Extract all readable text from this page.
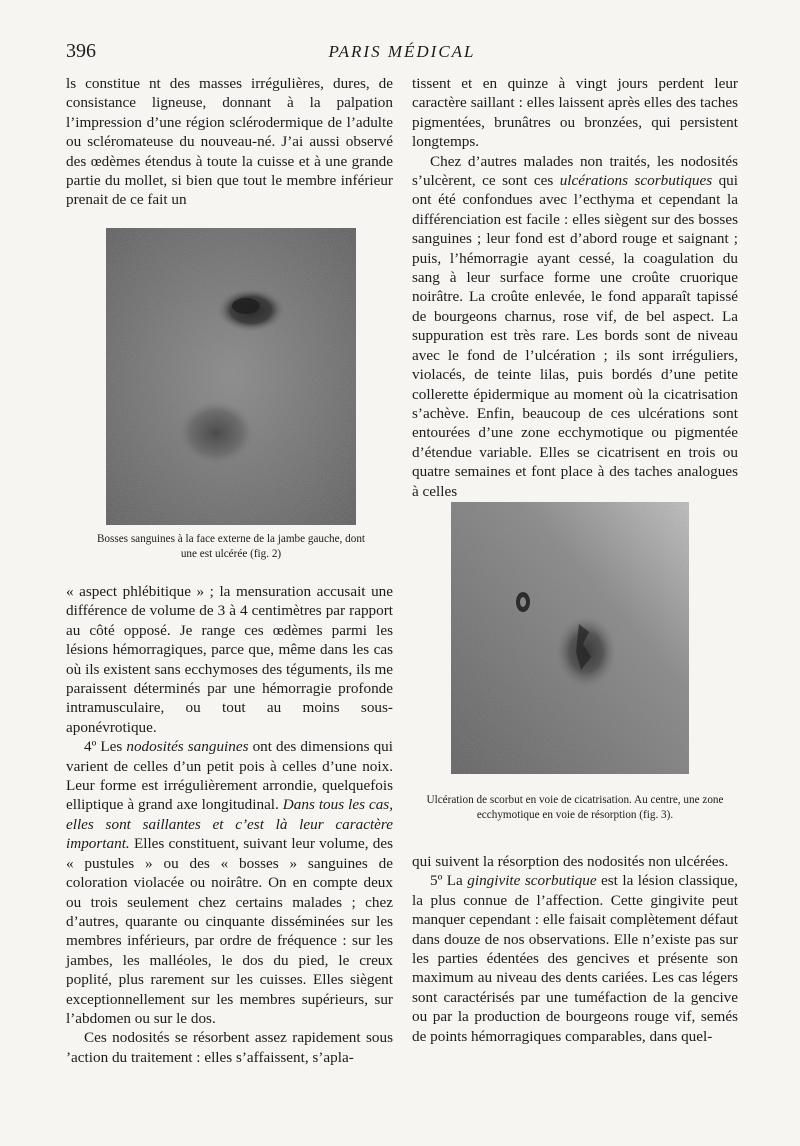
396	PARIS MÉDICAL

ls constitue nt des masses irrégulières, dures, de consistance ligneuse, donnant à la palpation l’impression d’une région sclérodermique de l’adulte ou scléromateuse du nouveau-né. J’ai aussi observé des œdèmes étendus à toute la cuisse et à une grande partie du mollet, si bien que tout le membre inférieur prenait de ce fait un

Bosses sanguines à la face externe de la jambe gauche, dont une est ulcérée (fig. 2)

« aspect phlébitique » ; la mensuration accusait une différence de volume de 3 à 4 centimètres par rapport au côté opposé. Je range ces œdèmes parmi les lésions hémorragiques, parce que, même dans les cas où ils existent sans ecchymoses des téguments, ils me paraissent déterminés par une hémorragie profonde intramusculaire, ou tout au moins sous-aponévrotique.

4º Les nodosités sanguines ont des dimensions qui varient de celles d’un petit pois à celles d’une noix. Leur forme est irrégulièrement arrondie, quelquefois elliptique à grand axe longitudinal. Dans tous les cas, elles sont saillantes et c’est là leur caractère important. Elles constituent, suivant leur volume, des « pustules » ou des « bosses » sanguines de coloration violacée ou noirâtre. On en compte deux ou trois seulement chez certains malades ; chez d’autres, quarante ou cinquante disséminées sur les membres inférieurs, par ordre de fréquence : sur les jambes, les malléoles, le dos du pied, le creux poplité, plus rarement sur les cuisses. Elles siègent exceptionnellement sur les membres supérieurs, sur l’abdomen ou sur le dos.

Ces nodosités se résorbent assez rapidement sous ’action du traitement : elles s’affaissent, s’apla-

tissent et en quinze à vingt jours perdent leur caractère saillant : elles laissent après elles des taches pigmentées, brunâtres ou bronzées, qui persistent longtemps.

Chez d’autres malades non traités, les nodosités s’ulcèrent, ce sont ces ulcérations scorbutiques qui ont été confondues avec l’ecthyma et cependant la différenciation est facile : elles siègent sur des bosses sanguines ; leur fond est d’abord rouge et saignant ; puis, l’hémorragie ayant cessé, la coagulation du sang à leur surface forme une croûte cruorique noirâtre. La croûte enlevée, le fond apparaît tapissé de bourgeons charnus, rose vif, de bel aspect. La suppuration est très rare. Les bords sont de niveau avec le fond de l’ulcération ; ils sont irréguliers, violacés, de teinte lilas, puis bordés d’une petite collerette épidermique au moment où la cicatrisation s’achève. Enfin, beaucoup de ces ulcérations sont entourées d’une zone ecchymotique ou pigmentée d’étendue variable. Elles se cicatrisent en trois ou quatre semaines et font place à des taches analogues à celles

Ulcération de scorbut en voie de cicatrisation. Au centre, une zone ecchymotique en voie de résorption (fig. 3).

qui suivent la résorption des nodosités non ulcérées.

5º La gingivite scorbutique est la lésion classique, la plus connue de l’affection. Cette gingivite peut manquer cependant : elle faisait complètement défaut dans douze de nos observations. Elle n’existe pas sur les parties édentées des gencives et présente son maximum au niveau des dents cariées. Les cas légers sont caractérisés par une tuméfaction de la gencive ou par la production de bourgeons rouge vif, semés de points hémorragiques comparables, dans quel-
